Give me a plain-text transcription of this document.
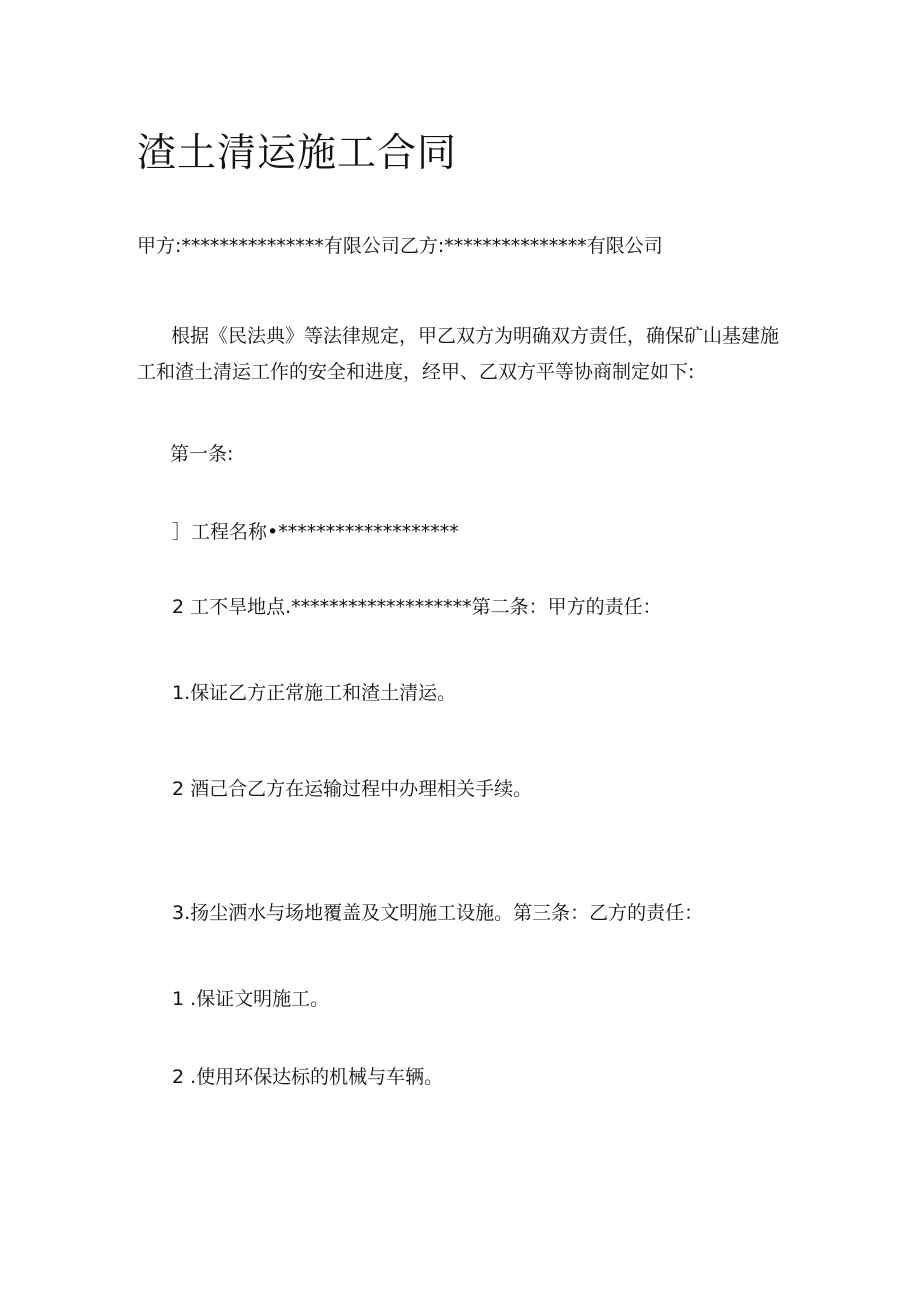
渣土清运施工合同
甲方:***************有限公司乙方:***************有限公司
根据《民法典》等法律规定，甲乙双方为明确双方责任，确保矿山基建施工和渣土清运工作的安全和进度，经甲、乙双方平等协商制定如下:
第一条:
］工程名称•*******************
2 工不旱地点.*******************第二条：甲方的责任：
1.保证乙方正常施工和渣土清运。
2 酒己合乙方在运输过程中办理相关手续。
3.扬尘洒水与场地覆盖及文明施工设施。第三条：乙方的责任：
1 .保证文明施工。
2 .使用环保达标的机械与车辆。
